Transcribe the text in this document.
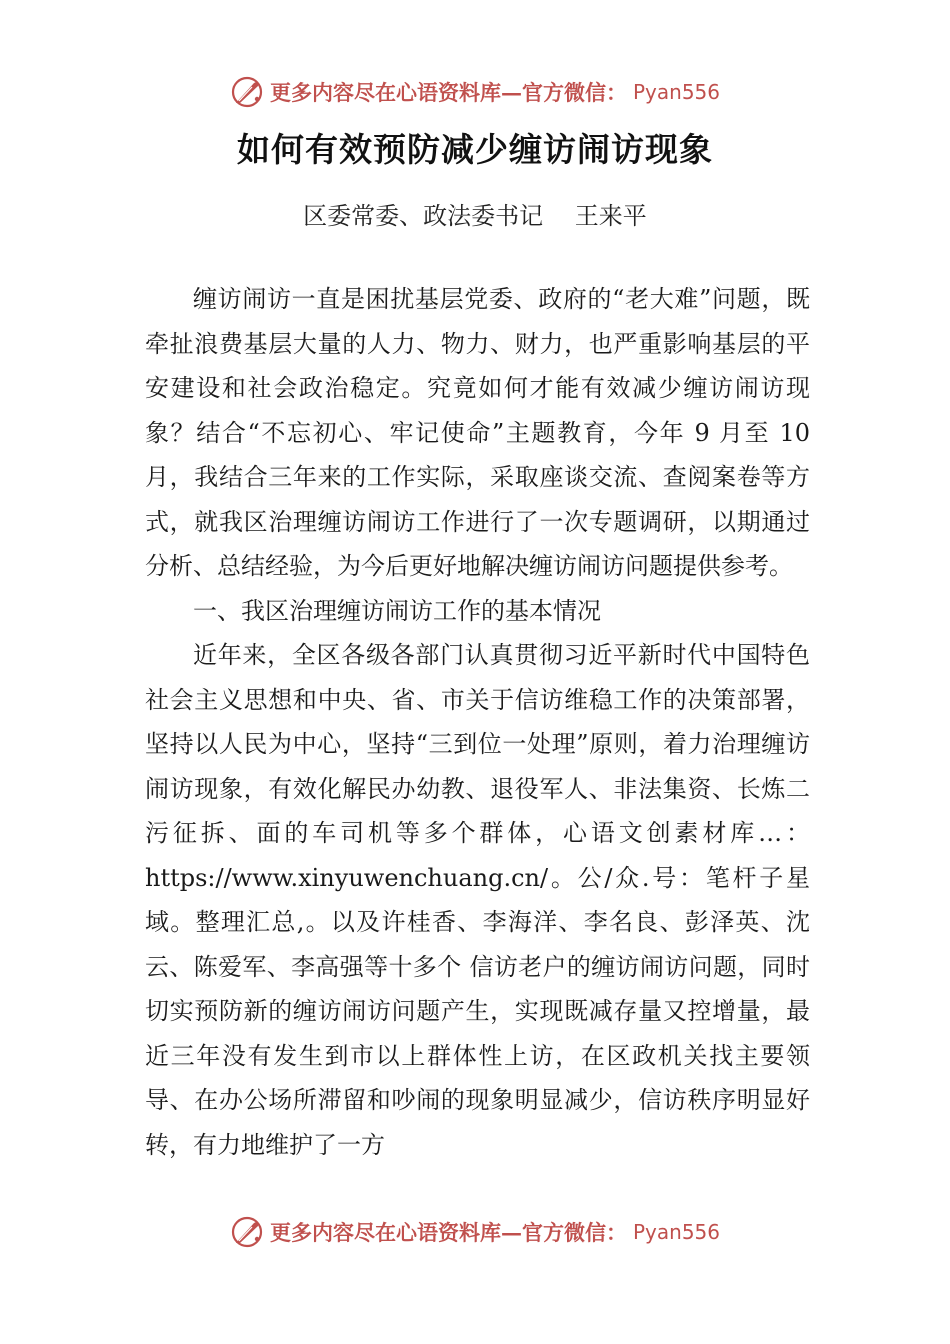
更多内容尽在心语资料库—官方微信： Pyan556
如何有效预防减少缠访闹访现象
区委常委、政法委书记　 王来平

缠访闹访一直是困扰基层党委、政府的“老大难”问题，既牵扯浪费基层大量的人力、物力、财力，也严重影响基层的平安建设和社会政治稳定。究竟如何才能有效减少缠访闹访现象？结合“不忘初心、牢记使命”主题教育，今年 9 月至 10 月，我结合三年来的工作实际，采取座谈交流、查阅案卷等方式，就我区治理缠访闹访工作进行了一次专题调研，以期通过分析、总结经验，为今后更好地解决缠访闹访问题提供参考。

一、我区治理缠访闹访工作的基本情况

近年来，全区各级各部门认真贯彻习近平新时代中国特色社会主义思想和中央、省、市关于信访维稳工作的决策部署，坚持以人民为中心，坚持“三到位一处理”原则，着力治理缠访闹访现象，有效化解民办幼教、退役军人、非法集资、长炼二污征拆、面的车司机等多个群体，心语文创素材库…：https://www.xinyuwenchuang.cn/。公/众.号：笔杆子星域。整理汇总,。以及许桂香、李海洋、李名良、彭泽英、沈云、陈爱军、李高强等十多个 信访老户的缠访闹访问题，同时切实预防新的缠访闹访问题产生，实现既减存量又控增量，最近三年没有发生到市以上群体性上访，在区政机关找主要领导、在办公场所滞留和吵闹的现象明显减少，信访秩序明显好转，有力地维护了一方

更多内容尽在心语资料库—官方微信： Pyan556
